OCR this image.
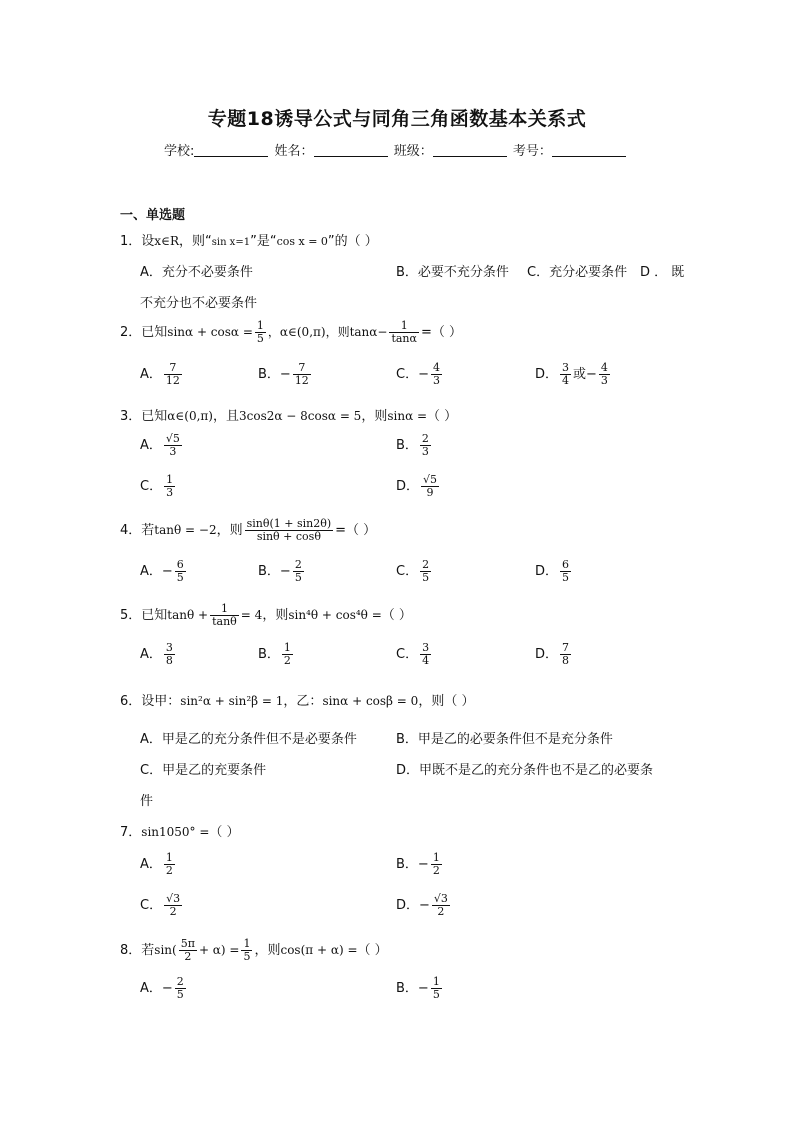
专题18诱导公式与同角三角函数基本关系式
学校:	姓名：	班级：	考号：
一、单选题
1．设x∈R，则“sin x=1”是“cos x = 0”的（ ）
A．充分不必要条件	B．必要不充分条件 C．充分必要条件 D ． 既
不充分也不必要条件
2．已知$\sin\alpha + \cos\alpha = \frac{1}{5}$ ，α∈(0,π)，则$\tan\alpha- \frac{1}{\tan\alpha}$ =（ ）
A． $\frac{7}{12}$	B．− $\frac{7}{12}$	C．− $\frac{4}{3}$	D． $\frac{3}{4}$ 或− $\frac{4}{3}$
3．已知α∈(0,π)，且3cos2α − 8cosα = 5，则sinα =（ ）
A． $\frac{√5}{3}$	B． $\frac{2}{3}$
C． $\frac{1}{3}$	D． $\frac{√5}{9}$
4．若tanθ = −2，则 $\frac{\sin\theta(1 + \sin 2\theta)}{\sin\theta + \cos\theta}$ =（ ）
A．− $\frac{6}{5}$	B．− $\frac{2}{5}$	C． $\frac{2}{5}$	D． $\frac{6}{5}$
5．已知$\tan\theta + \frac{1}{\tan\theta} = 4$，则sin⁴θ + cos⁴θ =（ ）
A． $\frac{3}{8}$	B． $\frac{1}{2}$	C． $\frac{3}{4}$	D． $\frac{7}{8}$
6．设甲：sin²α + sin²β = 1，乙：sinα + cosβ = 0，则（ ）
A．甲是乙的充分条件但不是必要条件	B．甲是乙的必要条件但不是充分条件
C．甲是乙的充要条件	D．甲既不是乙的充分条件也不是乙的必要条
件
7．sin1050° =（ ）
A． $\frac{1}{2}$	B．− $\frac{1}{2}$
C． $\frac{√3}{2}$	D．− $\frac{√3}{2}$
8．若$\sin( \frac{5\pi}{2} + \alpha) = \frac{1}{5}$ ，则cos(π + α) =（ ）
A．− $\frac{2}{5}$	B．− $\frac{1}{5}$
